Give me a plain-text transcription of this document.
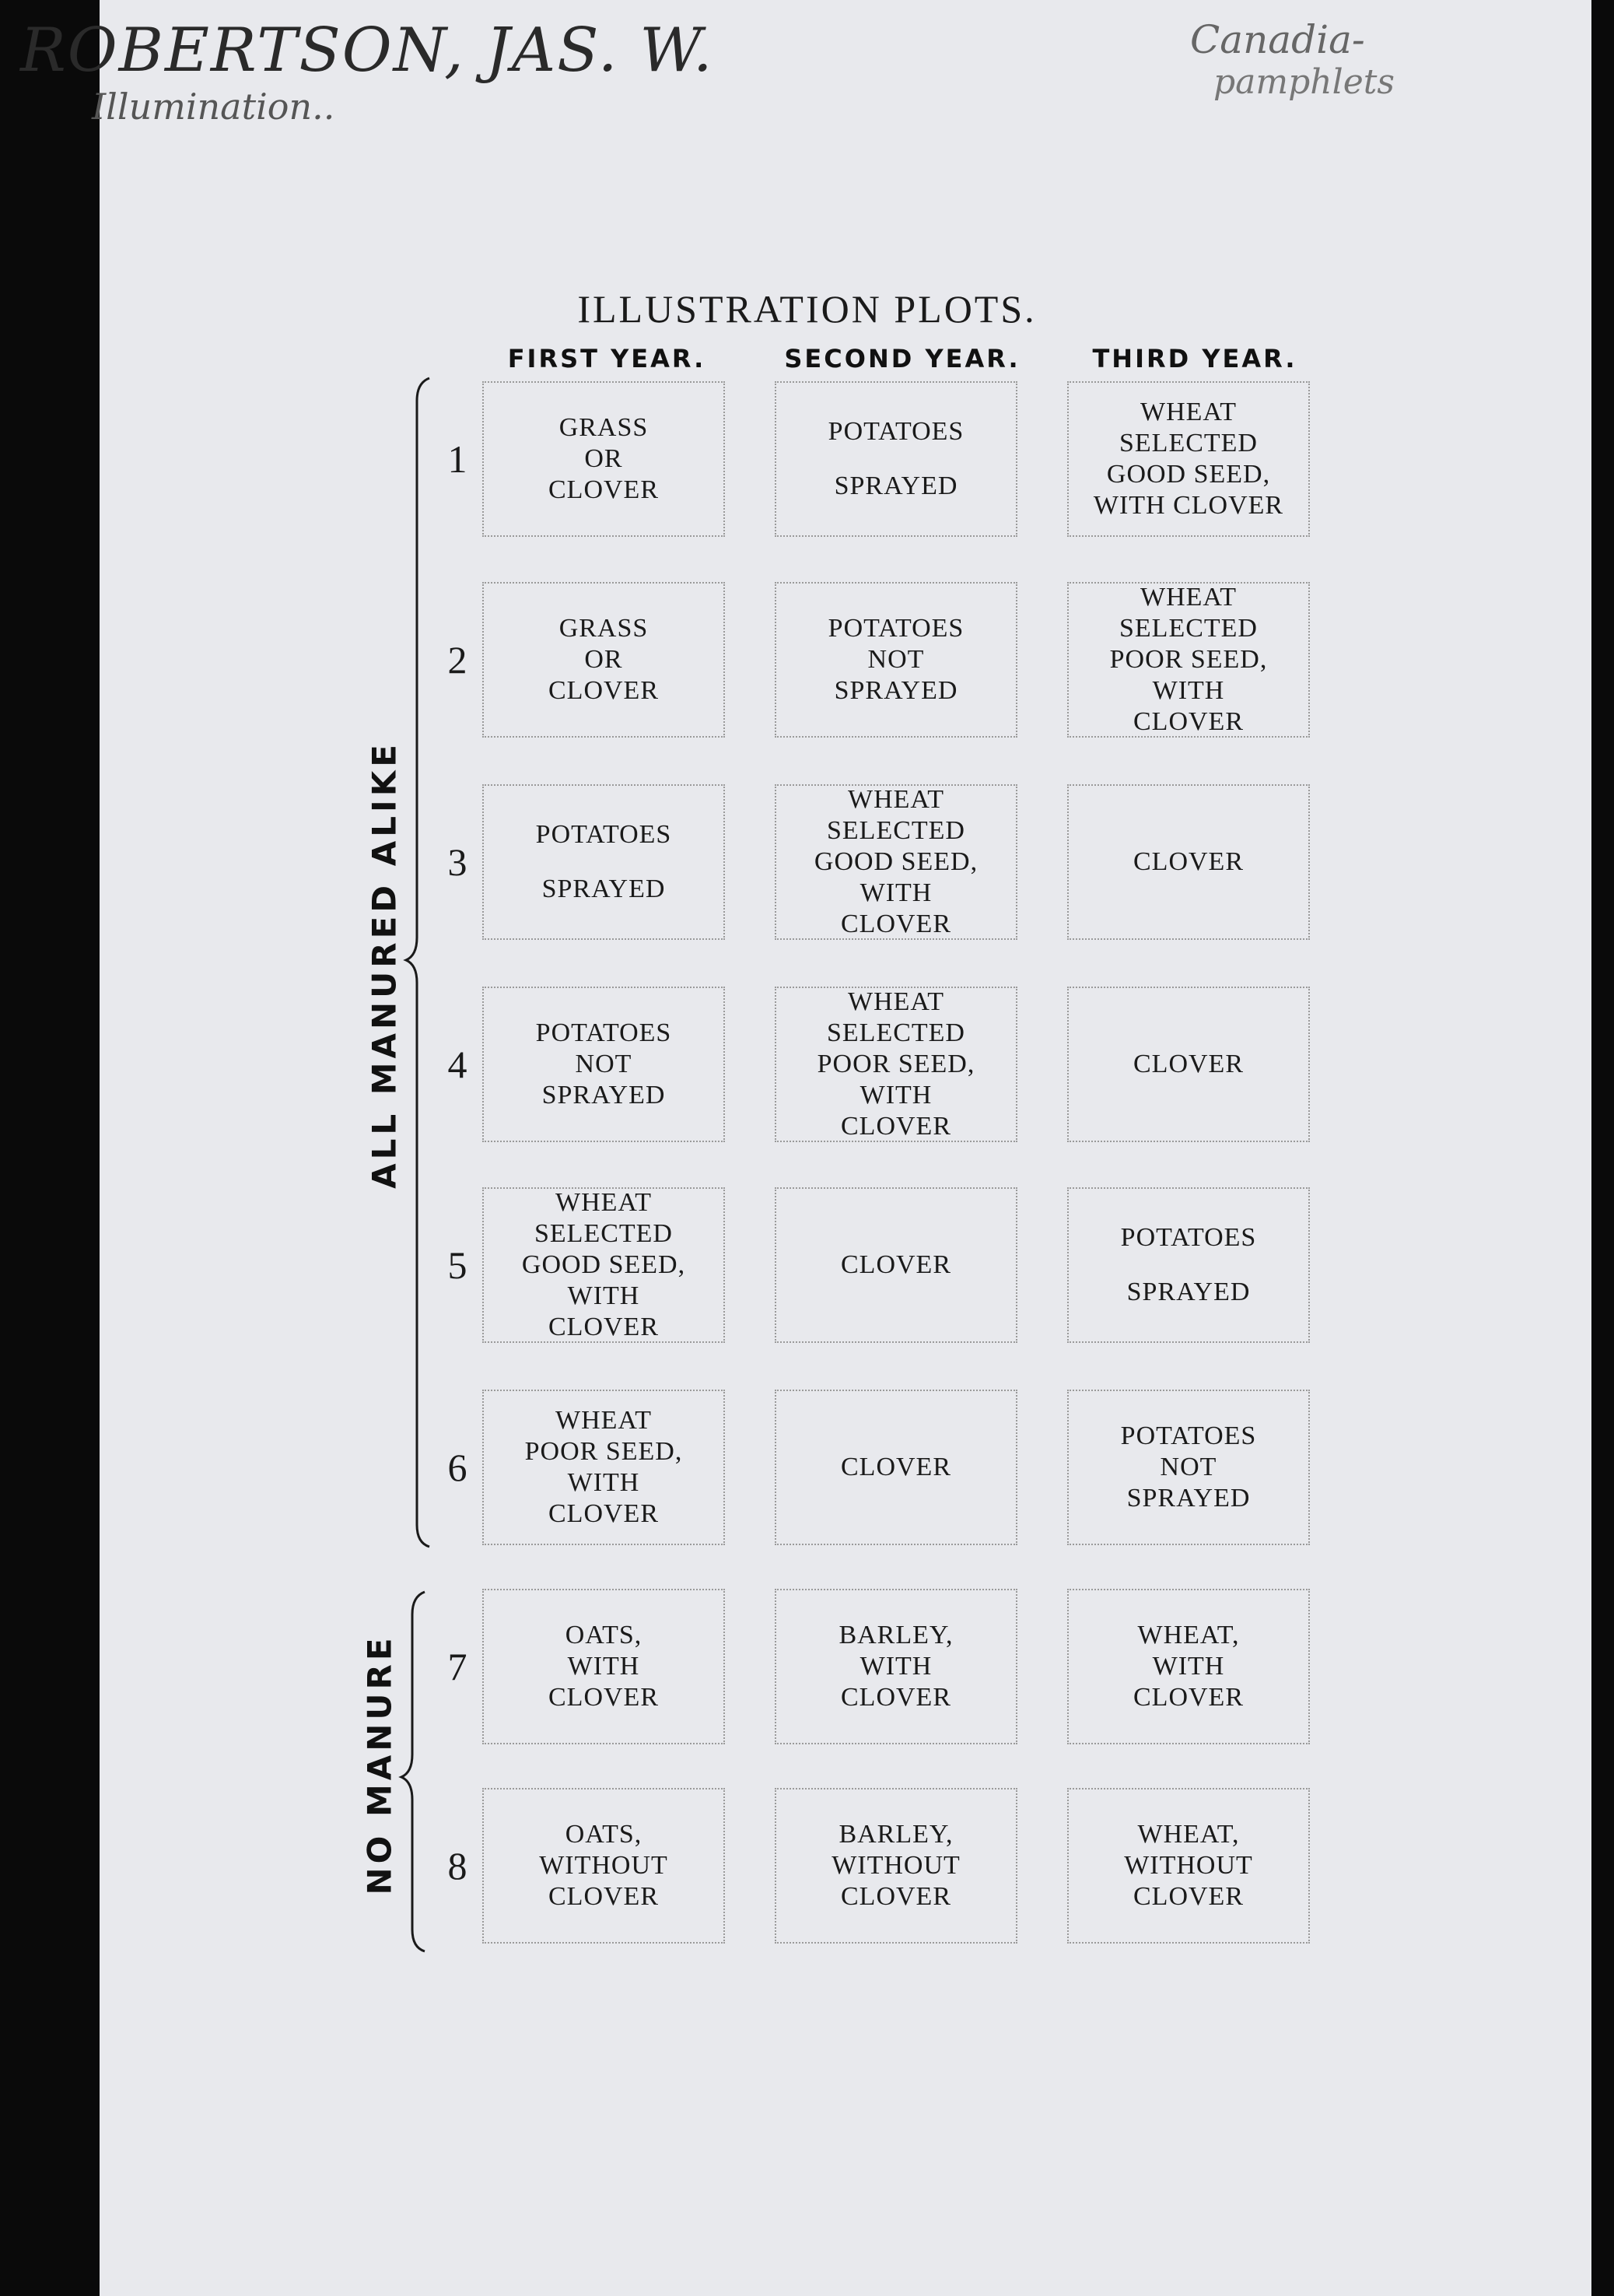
ROBERTSON, JAS. W.
Illumination..
Canadia-
pamphlets
ILLUSTRATION PLOTS.
FIRST YEAR.	SECOND YEAR.	THIRD YEAR.
ALL MANURED ALIKE
NO MANURE
1
GRASS
OR
CLOVER
POTATOES
SPRAYED
WHEAT
SELECTED
GOOD SEED,
WITH CLOVER
2
GRASS
OR
CLOVER
POTATOES
NOT
SPRAYED
WHEAT
SELECTED
POOR SEED,
WITH
CLOVER
3
POTATOES
SPRAYED
WHEAT
SELECTED
GOOD SEED,
WITH
CLOVER
CLOVER
4
POTATOES
NOT
SPRAYED
WHEAT
SELECTED
POOR SEED,
WITH
CLOVER
CLOVER
5
WHEAT
SELECTED
GOOD SEED,
WITH
CLOVER
CLOVER
POTATOES
SPRAYED
6
WHEAT
POOR SEED,
WITH
CLOVER
CLOVER
POTATOES
NOT
SPRAYED
7
OATS,
WITH
CLOVER
BARLEY,
WITH
CLOVER
WHEAT,
WITH
CLOVER
8
OATS,
WITHOUT
CLOVER
BARLEY,
WITHOUT
CLOVER
WHEAT,
WITHOUT
CLOVER
